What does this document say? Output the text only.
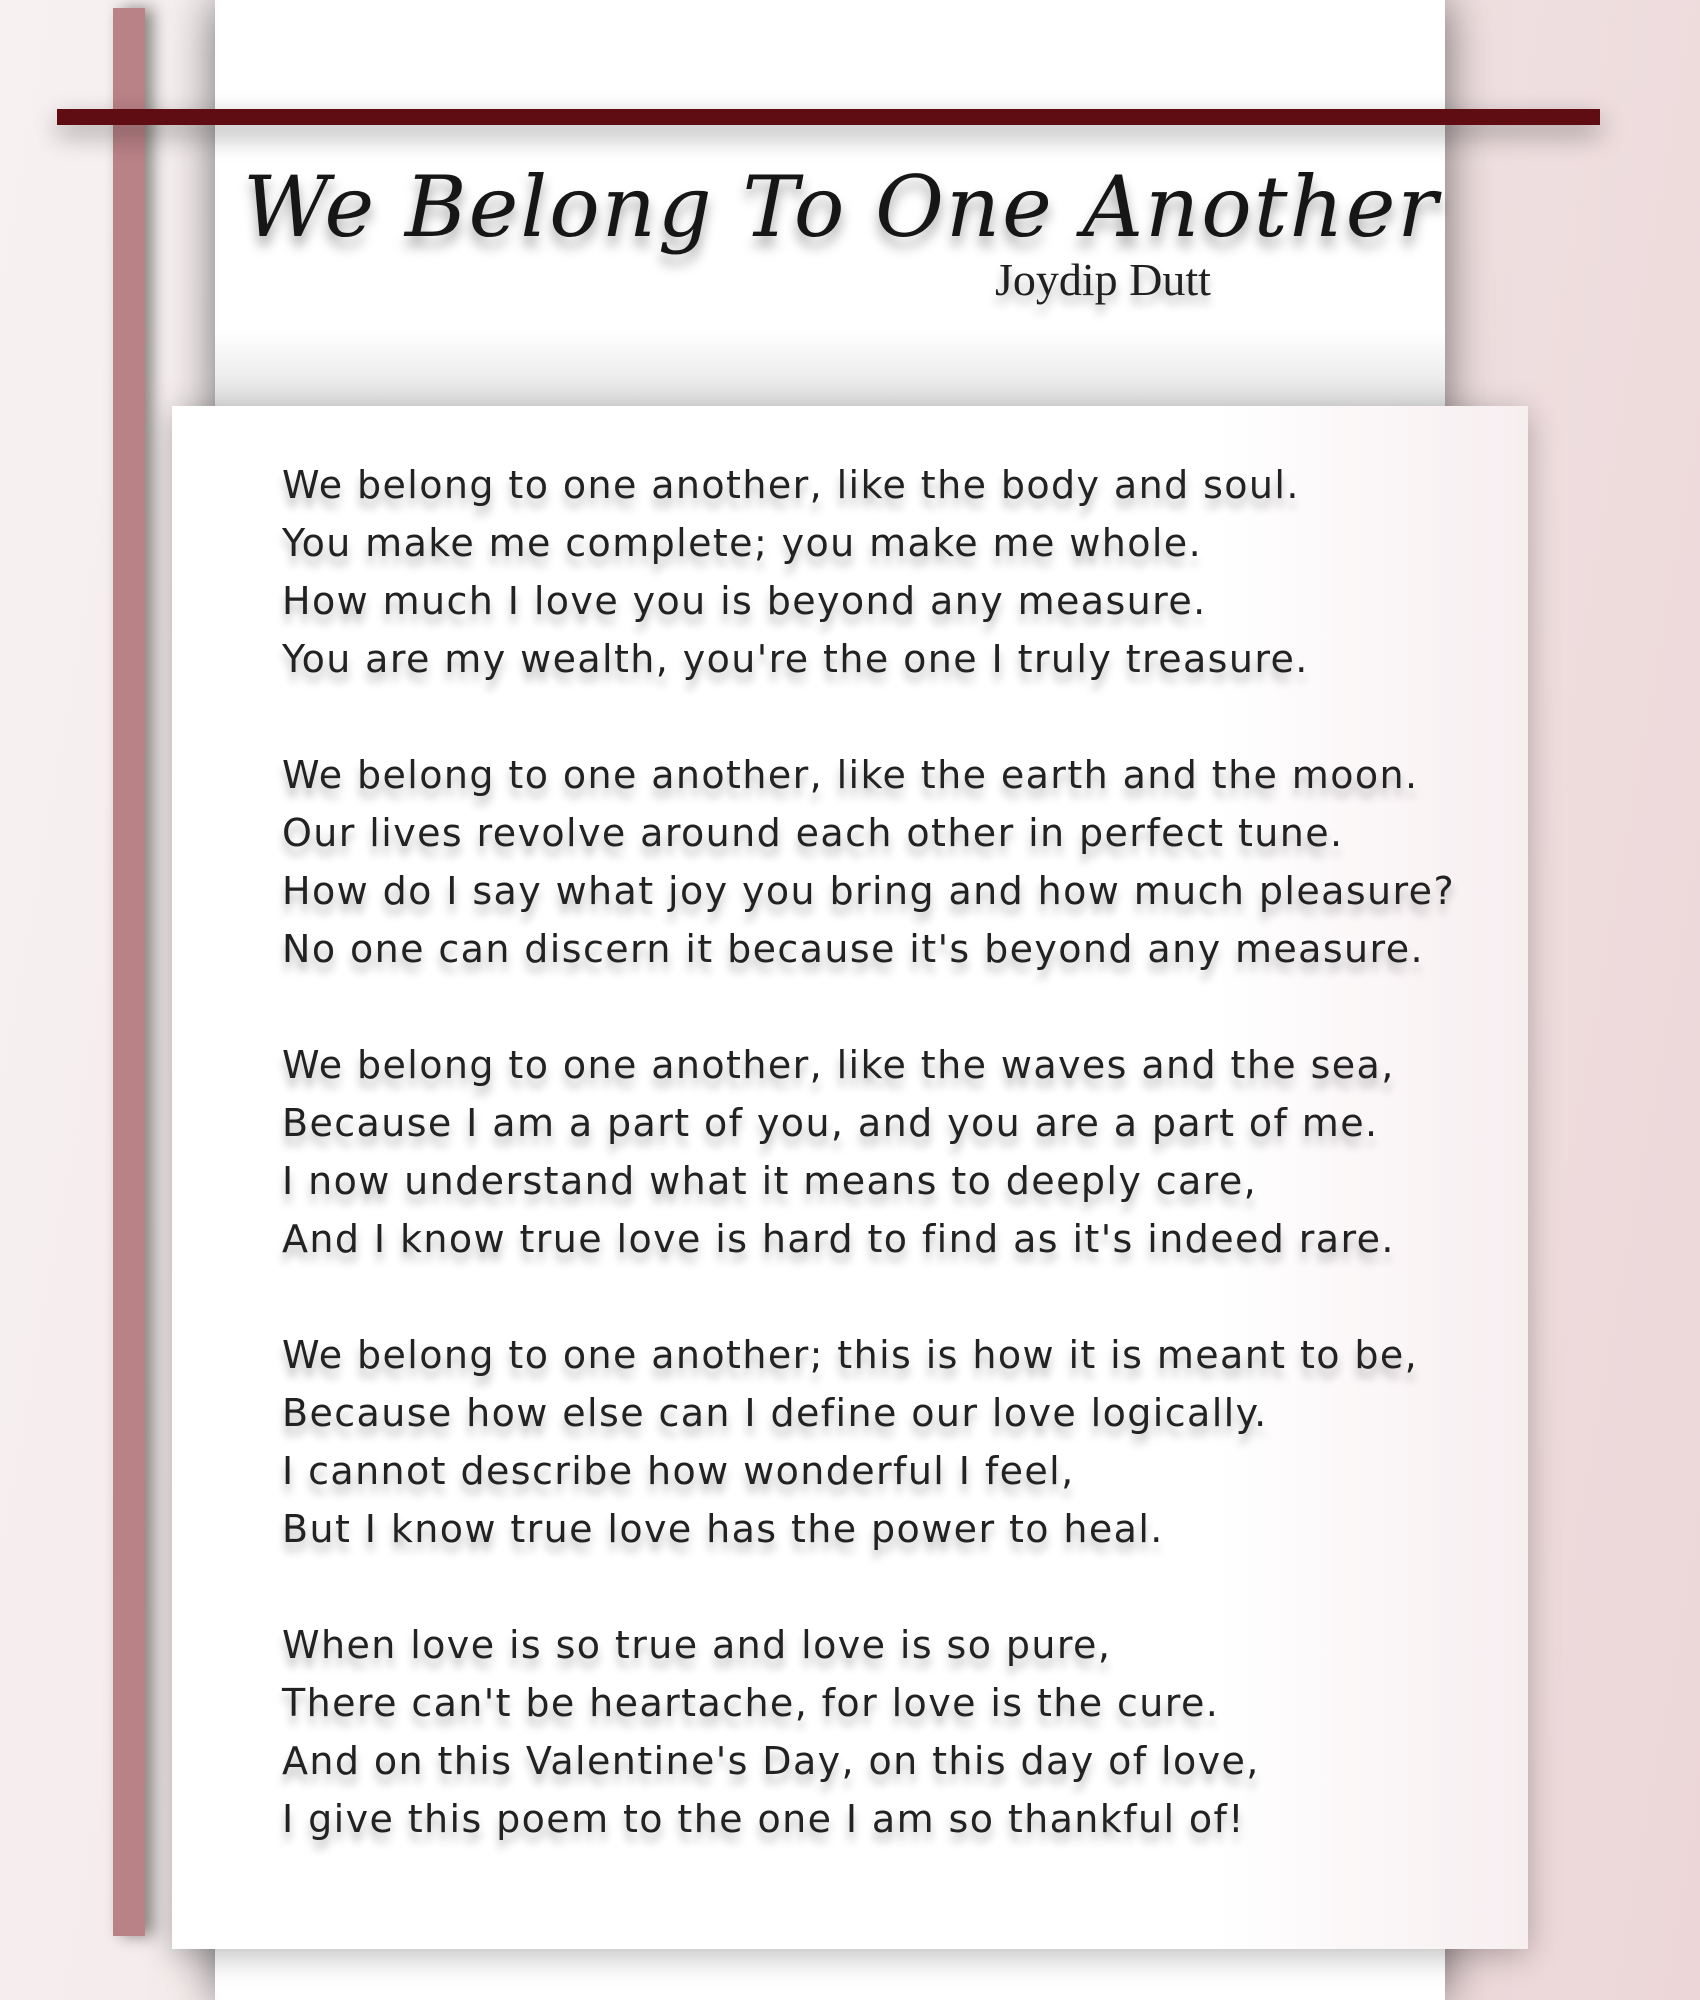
We Belong To One Another
Joydip Dutt
We belong to one another, like the body and soul.
You make me complete; you make me whole.
How much I love you is beyond any measure.
You are my wealth, you're the one I truly treasure.
We belong to one another, like the earth and the moon.
Our lives revolve around each other in perfect tune.
How do I say what joy you bring and how much pleasure?
No one can discern it because it's beyond any measure.
We belong to one another, like the waves and the sea,
Because I am a part of you, and you are a part of me.
I now understand what it means to deeply care,
And I know true love is hard to find as it's indeed rare.
We belong to one another; this is how it is meant to be,
Because how else can I define our love logically.
I cannot describe how wonderful I feel,
But I know true love has the power to heal.
When love is so true and love is so pure,
There can't be heartache, for love is the cure.
And on this Valentine's Day, on this day of love,
I give this poem to the one I am so thankful of!
